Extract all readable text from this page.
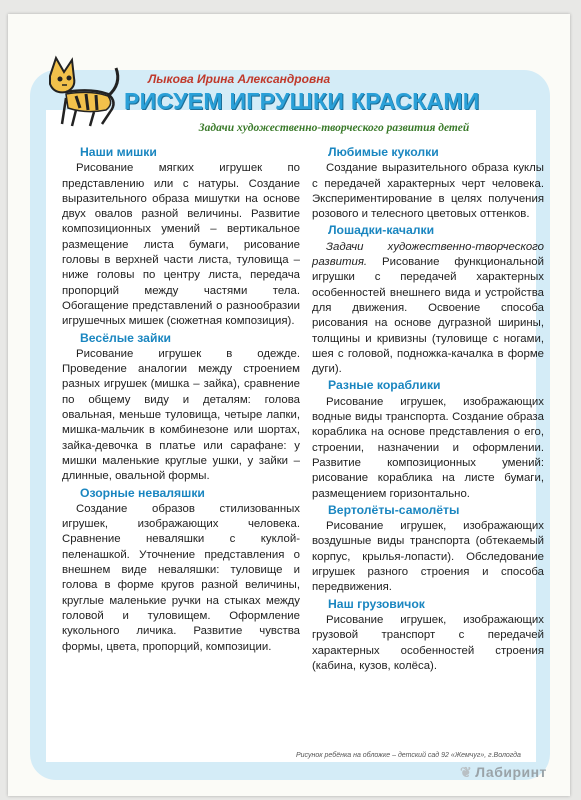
Лыкова Ирина Александровна
РИСУЕМ ИГРУШКИ КРАСКАМИ
Задачи художественно-творческого развития детей
Наши мишки

Рисование мягких игрушек по представлению или с натуры. Создание выразительного образа мишутки на основе двух овалов разной величины. Развитие композиционных умений – вертикальное размещение листа бумаги, рисование головы в верхней части листа, туловища – ниже головы по центру листа, передача пропорций между частями тела. Обогащение представлений о разнообразии игрушечных мишек (сюжетная композиция).

Весёлые зайки

Рисование игрушек в одежде. Проведение аналогии между строением разных игрушек (мишка – зайка), сравнение по общему виду и деталям: голова овальная, меньше туловища, четыре лапки, мишка-мальчик в комбинезоне или шортах, зайка-девочка в платье или сарафане: у мишки маленькие круглые ушки, у зайки – длинные, овальной формы.

Озорные неваляшки

Создание образов стилизованных игрушек, изображающих человека. Сравнение неваляшки с куклой-пеленашкой. Уточнение представления о внешнем виде неваляшки: туловище и голова в форме кругов разной величины, круглые маленькие ручки на стыках между головой и туловищем. Оформление кукольного личика. Развитие чувства формы, цвета, пропорций, композиции.

Любимые куколки

Создание выразительного образа куклы с передачей характерных черт человека. Экспериментирование в целях получения розового и телесного цветовых оттенков.

Лошадки-качалки

Задачи художественно-творческого развития. Рисование функциональной игрушки с передачей характерных особенностей внешнего вида и устройства для движения. Освоение способа рисования на основе дугразной ширины, толщины и кривизны (туловище с ногами, шея с головой, подножка-качалка в форме дуги).

Разные кораблики

Рисование игрушек, изображающих водные виды транспорта. Создание образа кораблика на основе представления о его, строении, назначении и оформлении. Развитие композиционных умений: рисование кораблика на листе бумаги, размещением горизонтально.

Вертолёты-самолёты

Рисование игрушек, изображающих воздушные виды транспорта (обтекаемый корпус, крылья-лопасти). Обследование игрушек разного строения и способа передвижения.

Наш грузовичок

Рисование игрушек, изображающих грузовой транспорт с передачей характерных особенностей строения (кабина, кузов, колёса).

Рисунок ребёнка на обложке – детский сад 92 «Жемчуг», г.Вологда
❦ Лабиринт
